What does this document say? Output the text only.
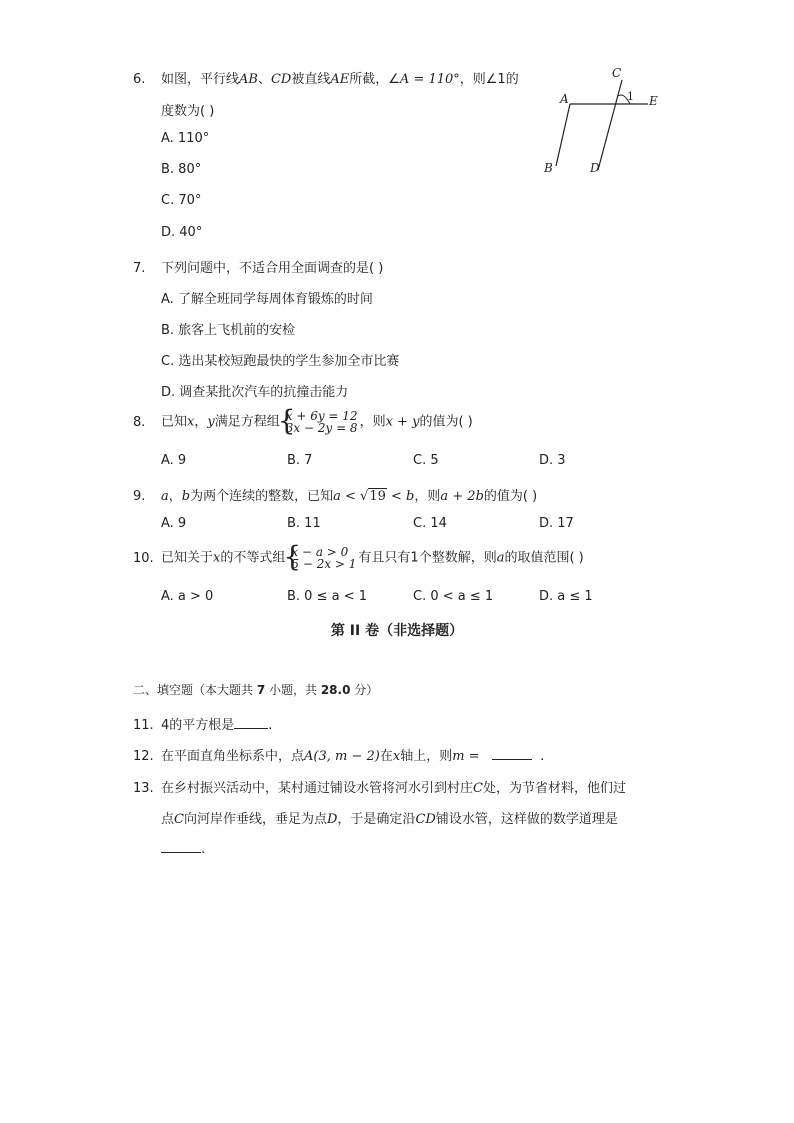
6. 如图，平行线AB、CD被直线AE所截，∠A = 110°，则∠1的
度数为( )
A. 110°
B. 80°
C. 70°
D. 40°
A
B
C
D
E
1
7. 下列问题中，不适合用全面调查的是( )
A. 了解全班同学每周体育锻炼的时间
B. 旅客上飞机前的安检
C. 选出某校短跑最快的学生参加全市比赛
D. 调查某批次汽车的抗撞击能力
8. 已知x，y满足方程组
{
x + 6y = 12
3x − 2y = 8 ，则x + y的值为( )
A. 9	B. 7	C. 5	D. 3
9. a，b为两个连续的整数，已知a < √19 < b，则a + 2b的值为( )
A. 9	B. 11	C. 14	D. 17
10. 已知关于x的不等式组
{
x − a > 0
5 − 2x > 1 有且只有1个整数解，则a的取值范围( )
A. a > 0	B. 0 ≤ a < 1	C. 0 < a ≤ 1	D. a ≤ 1
第 II 卷（非选择题）
二、填空题（本大题共 7 小题，共 28.0 分）
11. 4的平方根是	.
12. 在平面直角坐标系中，点A(3, m − 2)在x轴上，则m =	.
13. 在乡村振兴活动中，某村通过铺设水管将河水引到村庄C处，为节省材料，他们过
点C向河岸作垂线，垂足为点D，于是确定沿CD铺设水管，这样做的数学道理是
.
